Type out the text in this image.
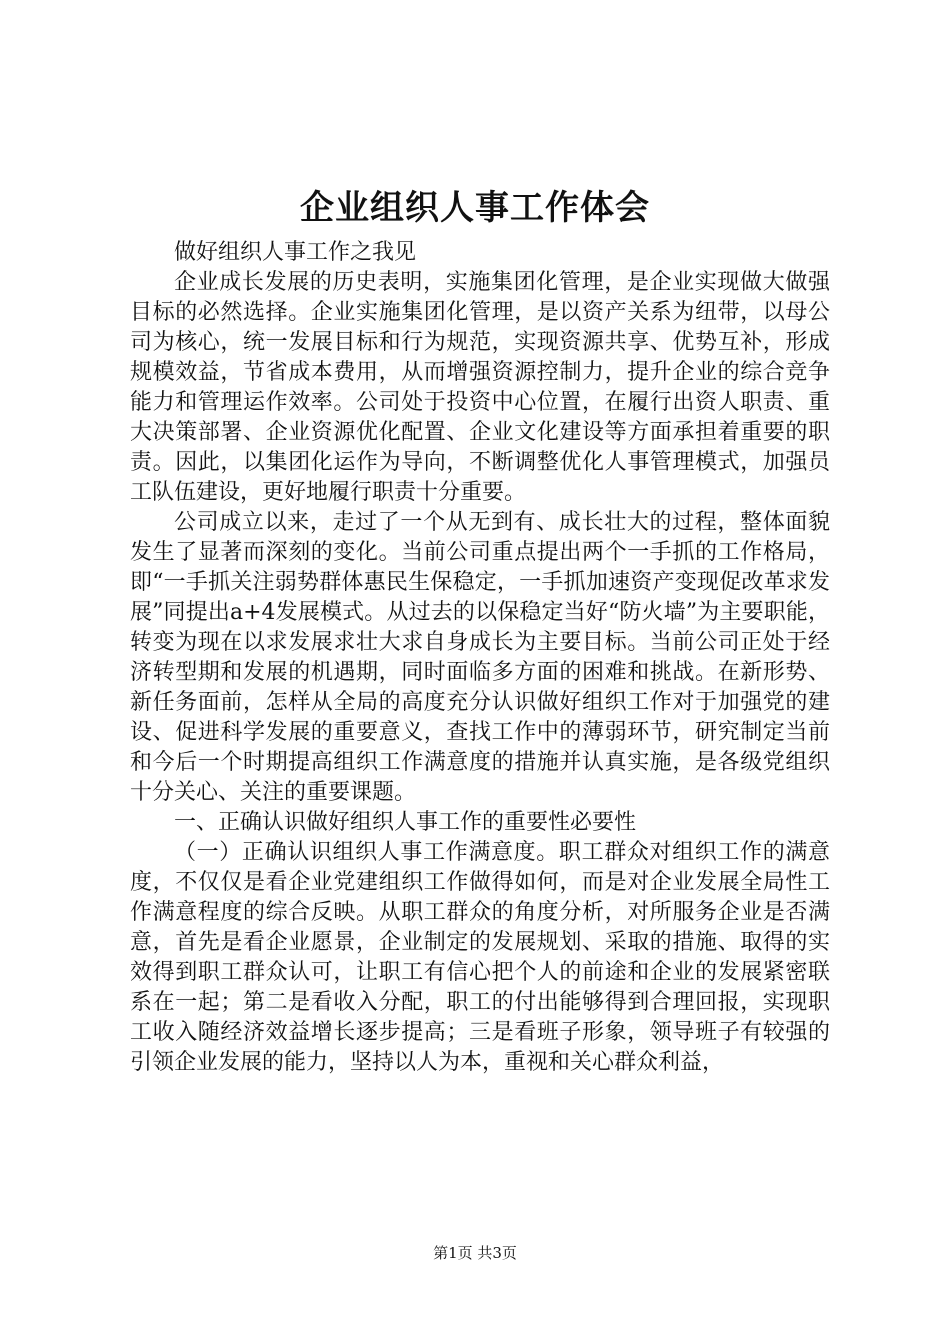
企业组织人事工作体会

做好组织人事工作之我见

企业成长发展的历史表明，实施集团化管理，是企业实现做大做强目标的必然选择。企业实施集团化管理，是以资产关系为纽带，以母公司为核心，统一发展目标和行为规范，实现资源共享、优势互补，形成规模效益，节省成本费用，从而增强资源控制力，提升企业的综合竞争能力和管理运作效率。公司处于投资中心位置，在履行出资人职责、重大决策部署、企业资源优化配置、企业文化建设等方面承担着重要的职责。因此，以集团化运作为导向，不断调整优化人事管理模式，加强员工队伍建设，更好地履行职责十分重要。

公司成立以来，走过了一个从无到有、成长壮大的过程，整体面貌发生了显著而深刻的变化。当前公司重点提出两个一手抓的工作格局，即“一手抓关注弱势群体惠民生保稳定，一手抓加速资产变现促改革求发展”同提出a+4发展模式。从过去的以保稳定当好“防火墙”为主要职能，转变为现在以求发展求壮大求自身成长为主要目标。当前公司正处于经济转型期和发展的机遇期，同时面临多方面的困难和挑战。在新形势、新任务面前，怎样从全局的高度充分认识做好组织工作对于加强党的建设、促进科学发展的重要意义，查找工作中的薄弱环节，研究制定当前和今后一个时期提高组织工作满意度的措施并认真实施，是各级党组织十分关心、关注的重要课题。

一、正确认识做好组织人事工作的重要性必要性

（一）正确认识组织人事工作满意度。职工群众对组织工作的满意度，不仅仅是看企业党建组织工作做得如何，而是对企业发展全局性工作满意程度的综合反映。从职工群众的角度分析，对所服务企业是否满意，首先是看企业愿景，企业制定的发展规划、采取的措施、取得的实效得到职工群众认可，让职工有信心把个人的前途和企业的发展紧密联系在一起；第二是看收入分配，职工的付出能够得到合理回报，实现职工收入随经济效益增长逐步提高；三是看班子形象，领导班子有较强的引领企业发展的能力，坚持以人为本，重视和关心群众利益，

第1页 共3页
